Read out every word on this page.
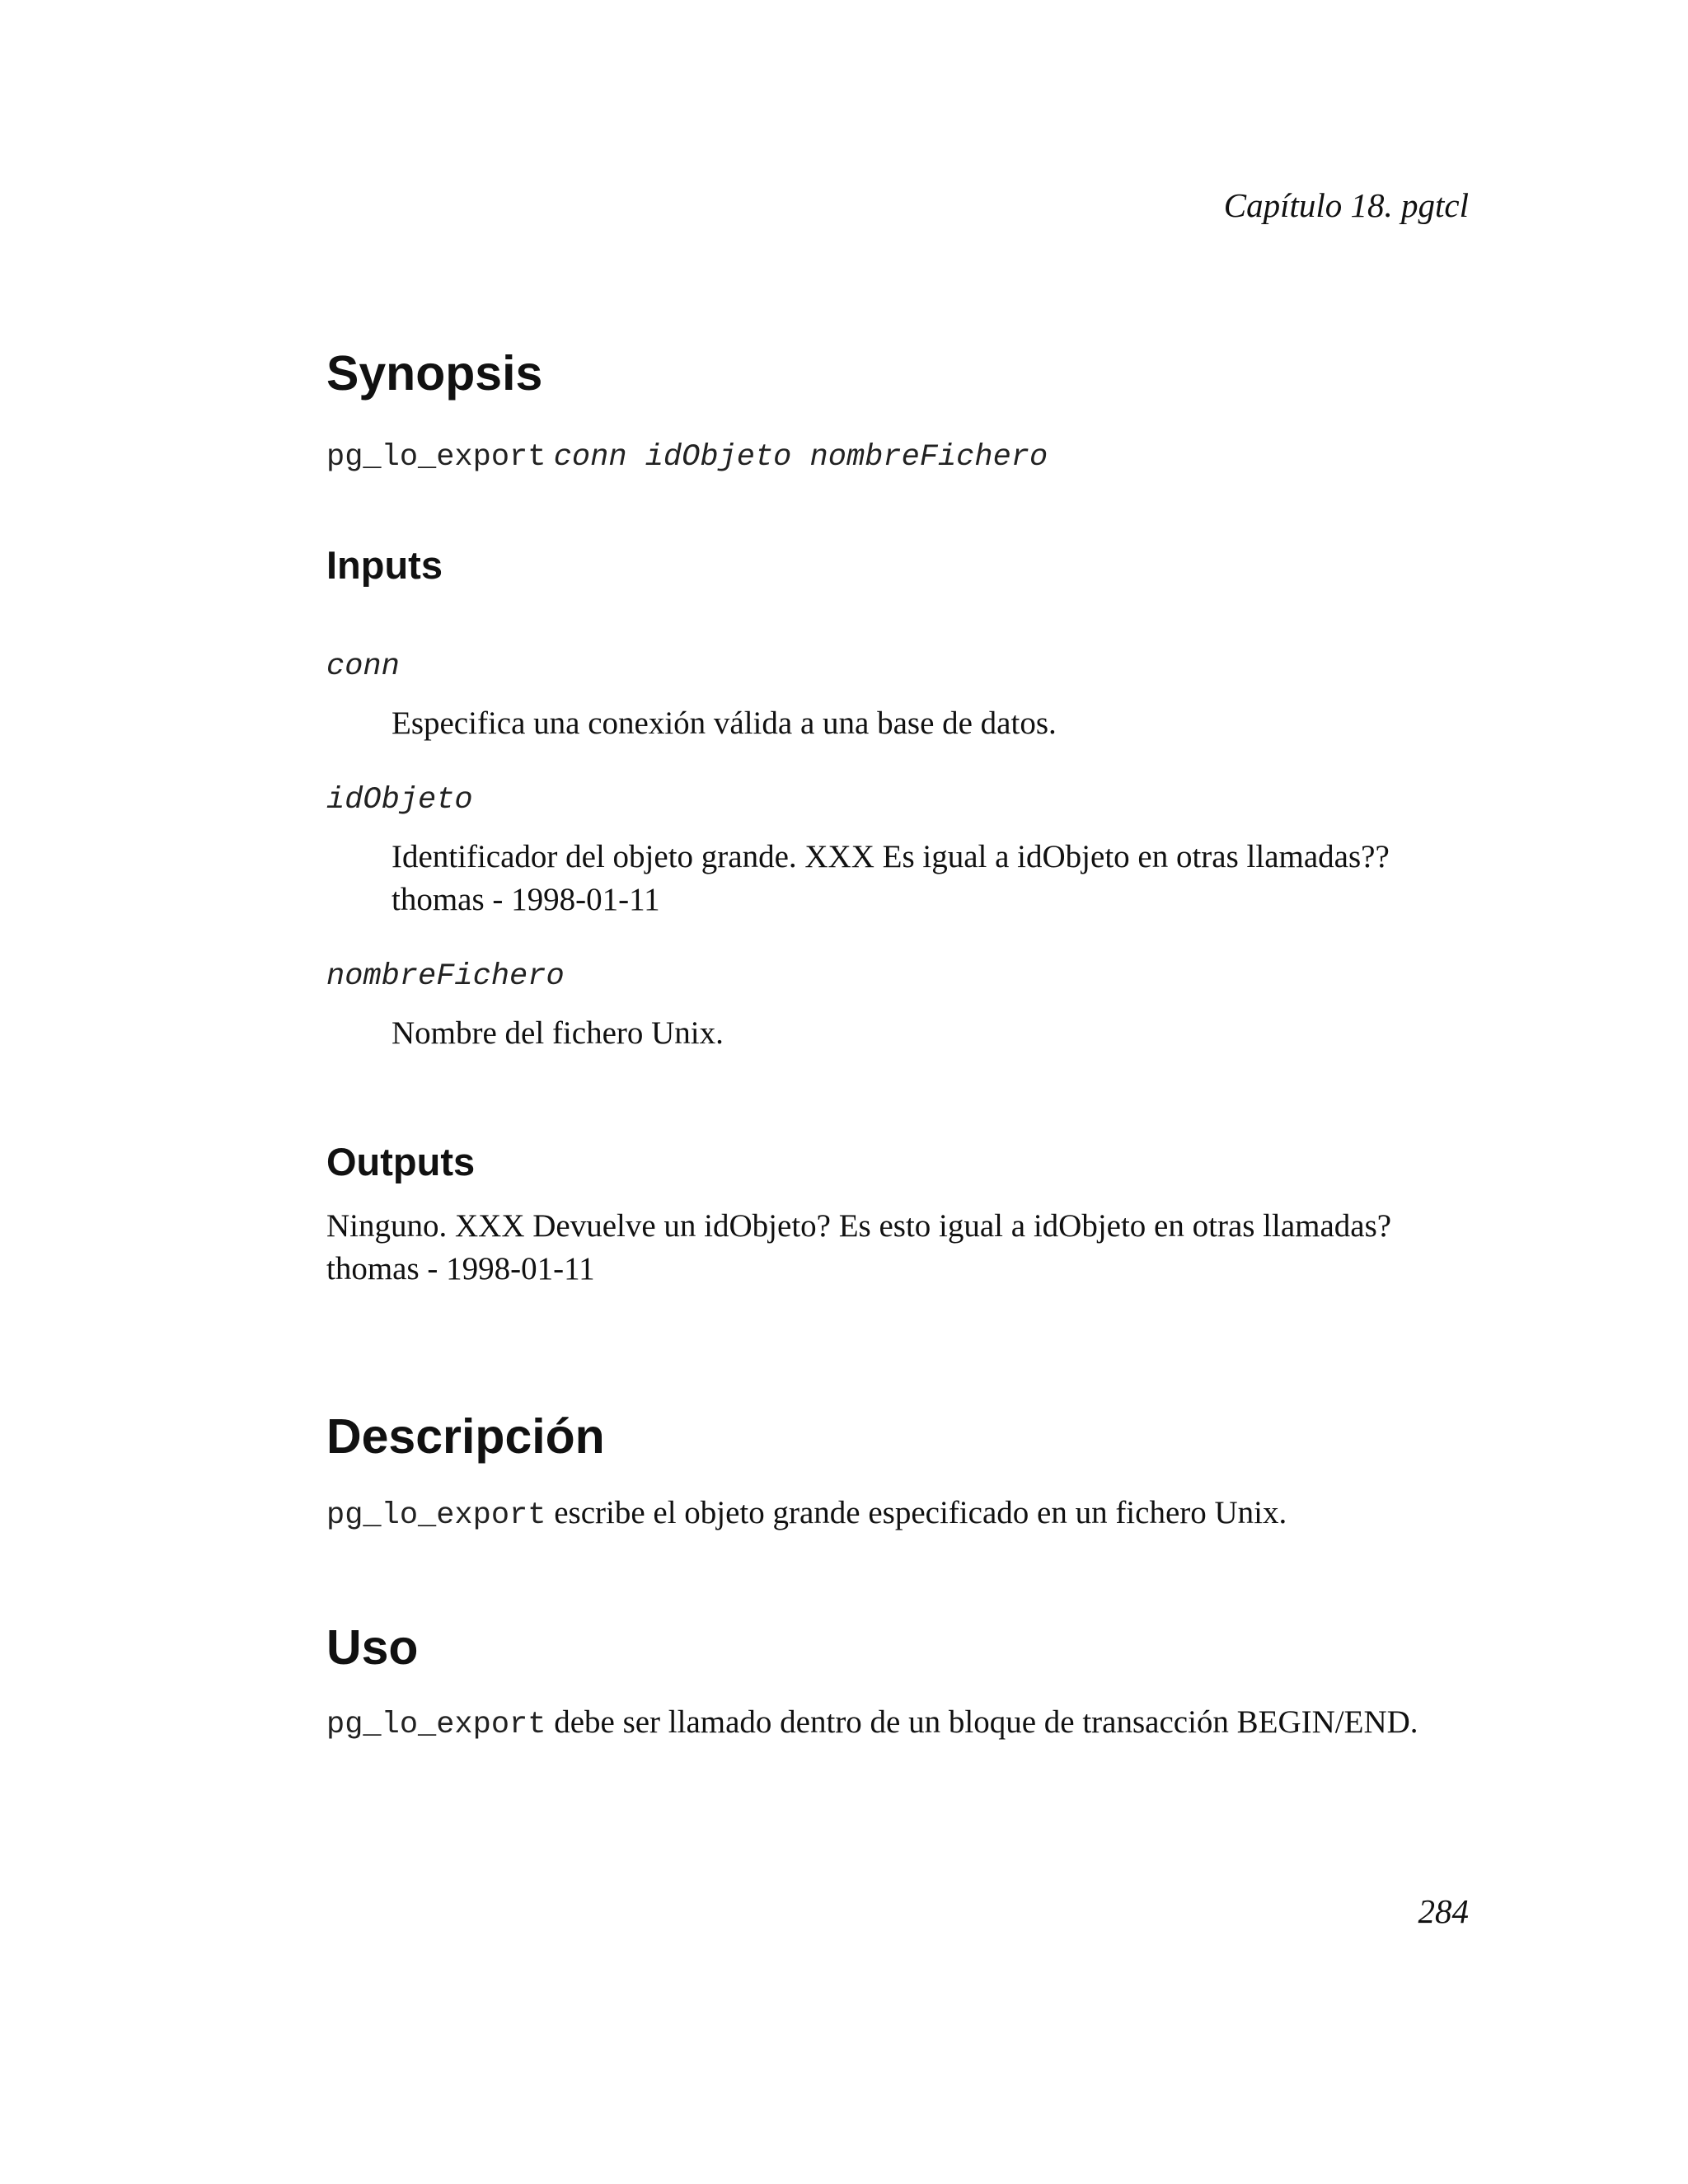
Capítulo 18. pgtcl
Synopsis
pg_lo_export conn idObjeto nombreFichero
Inputs
conn
Especifica una conexión válida a una base de datos.
idObjeto
Identificador del objeto grande. XXX Es igual a idObjeto en otras llamadas??
thomas - 1998-01-11
nombreFichero
Nombre del fichero Unix.
Outputs
Ninguno. XXX Devuelve un idObjeto? Es esto igual a idObjeto en otras llamadas?
thomas - 1998-01-11
Descripción
pg_lo_export escribe el objeto grande especificado en un fichero Unix.
Uso
pg_lo_export debe ser llamado dentro de un bloque de transacción BEGIN/END.
284
